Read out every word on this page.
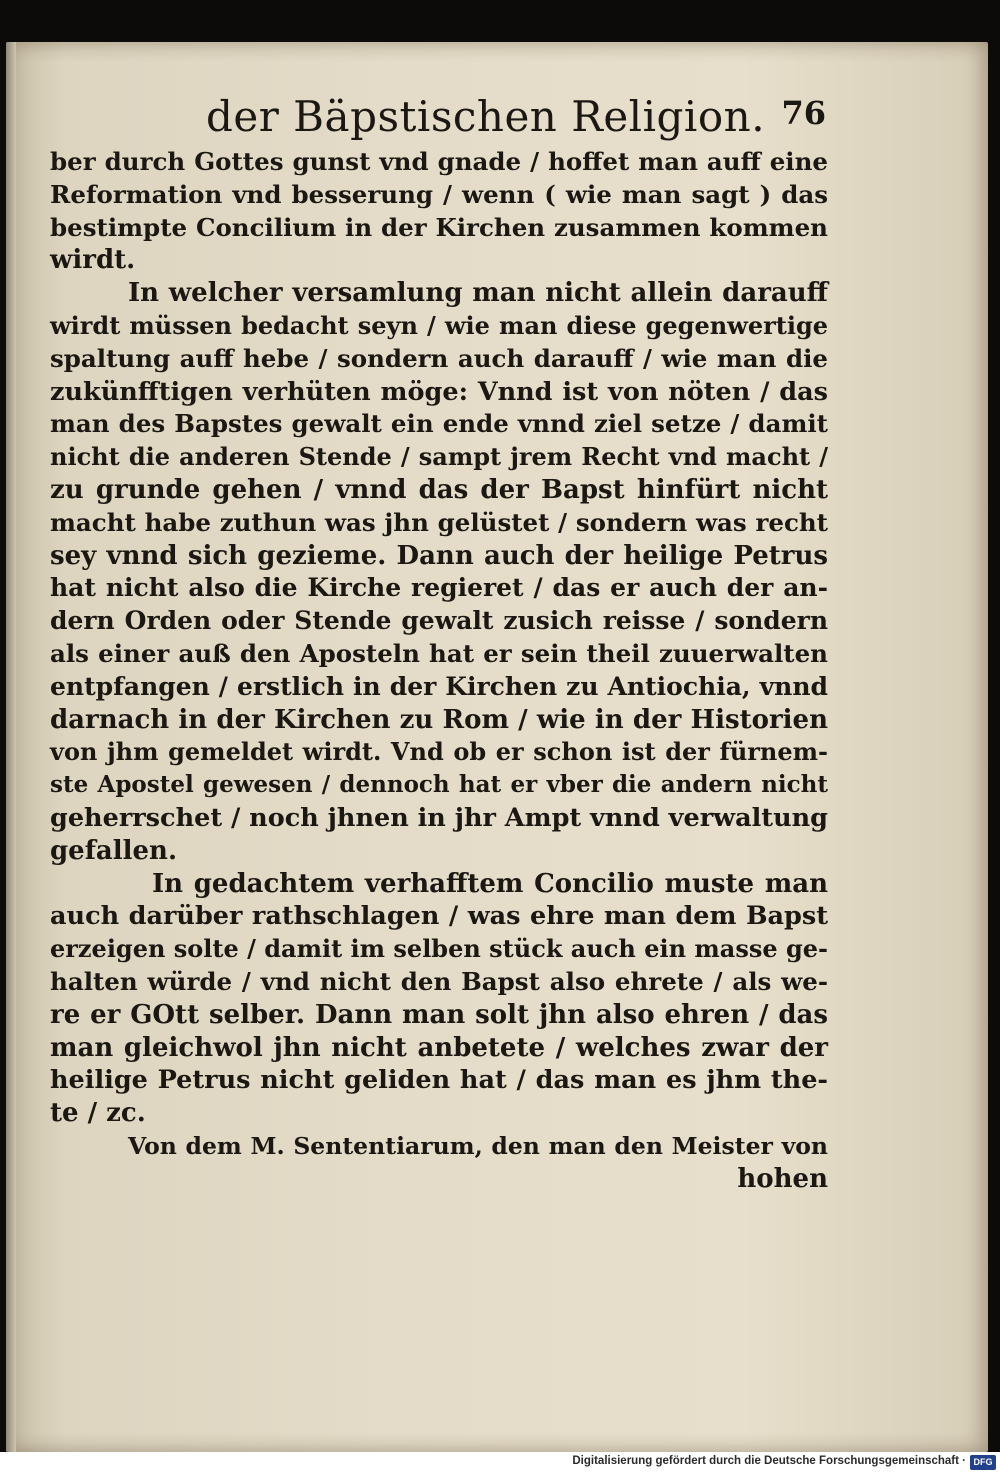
der Bäpstischen Religion. 76
ber durch Gottes gunst vnd gnade / hoffet man auff eine
Reformation vnd besserung / wenn ( wie man sagt ) das
bestimpte Concilium in der Kirchen zusammen kommen
wirdt.
In welcher versamlung man nicht allein darauff
wirdt müssen bedacht seyn / wie man diese gegenwertige
spaltung auff hebe / sondern auch darauff / wie man die
zukünfftigen verhüten möge: Vnnd ist von nöten / das
man des Bapstes gewalt ein ende vnnd ziel setze / damit
nicht die anderen Stende / sampt jrem Recht vnd macht /
zu grunde gehen / vnnd das der Bapst hinfürt nicht
macht habe zuthun was jhn gelüstet / sondern was recht
sey vnnd sich gezieme. Dann auch der heilige Petrus
hat nicht also die Kirche regieret / das er auch der an-
dern Orden oder Stende gewalt zusich reisse / sondern
als einer auß den Aposteln hat er sein theil zuuerwalten
entpfangen / erstlich in der Kirchen zu Antiochia, vnnd
darnach in der Kirchen zu Rom / wie in der Historien
von jhm gemeldet wirdt. Vnd ob er schon ist der fürnem-
ste Apostel gewesen / dennoch hat er vber die andern nicht
geherrschet / noch jhnen in jhr Ampt vnnd verwaltung
gefallen.
In gedachtem verhafftem Concilio muste man
auch darüber rathschlagen / was ehre man dem Bapst
erzeigen solte / damit im selben stück auch ein masse ge-
halten würde / vnd nicht den Bapst also ehrete / als we-
re er GOtt selber. Dann man solt jhn also ehren / das
man gleichwol jhn nicht anbetete / welches zwar der
heilige Petrus nicht geliden hat / das man es jhm the-
te / zc.
Von dem M. Sententiarum, den man den Meister von
hohen
Digitalisierung gefördert durch die Deutsche Forschungsgemeinschaft · DFG
